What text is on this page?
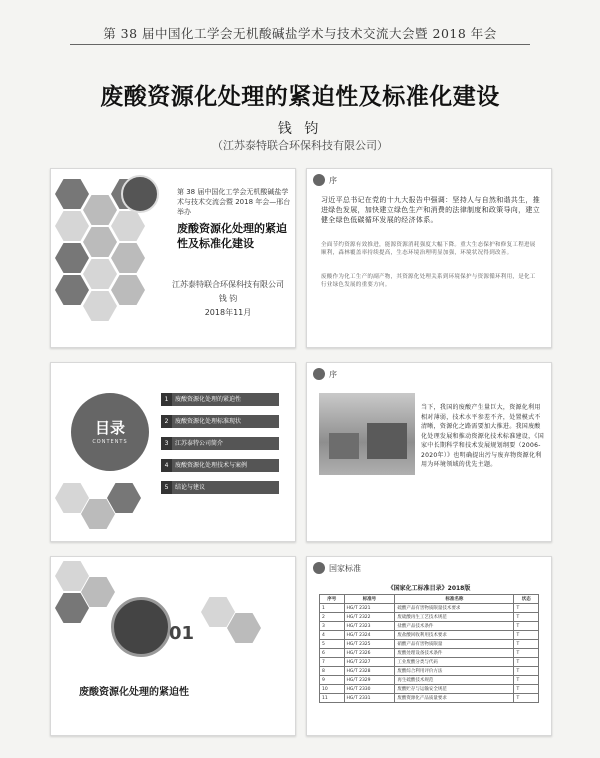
第 38 届中国化工学会无机酸碱盐学术与技术交流大会暨 2018 年会
废酸资源化处理的紧迫性及标准化建设
钱 钧
（江苏泰特联合环保科技有限公司）
第 38 届中国化工学会无机酸碱盐学术与技术交流会暨 2018 年会—邢台举办
废酸资源化处理的紧迫性及标准化建设
江苏泰特联合环保科技有限公司
钱 钧
2018年11月
序
习近平总书记在党的十九大报告中强调：坚持人与自然和谐共生，推进绿色发展，加快建立绿色生产和消费的法律制度和政策导向，建立健全绿色低碳循环发展的经济体系。
全面节约资源有效推进，能源资源消耗强度大幅下降。重大生态保护和修复工程进展顺利，森林覆盖率持续提高，生态环境治理明显加强，环境状况得到改善。
废酸作为化工生产的副产物，其资源化处理关系到环境保护与资源循环利用，是化工行业绿色发展的重要方向。
目录
CONTENTS
1	废酸资源化处理的紧迫性
2	废酸资源化处理标准现状
3	江苏泰特公司简介
4	废酸资源化处理技术与案例
5	结论与建议
序
当下，我国的废酸产生量巨大，资源化利用相对薄弱，技术水平参差不齐，处置模式不清晰，资源化之路需要加大推进。我国废酸化处理发展和推动资源化技术标准建设，《国家中长期科学和技术发展规划纲要（2006-2020年）》也明确提出污与废弃物资源化利用为环境领域的优先主题。
01
废酸资源化处理的紧迫性
国家标准
《国家化工标准目录》2018版
序号	标准号	标准名称	状态
1	HG/T 2321	硫酸产品有害物质限量技术要求	T
2	HG/T 2322	废硫酸再生工艺技术规范	T
3	HG/T 2323	盐酸产品技术条件	T
4	HG/T 2324	废盐酸回收利用技术要求	T
5	HG/T 2325	硝酸产品有害物质限量	T
6	HG/T 2326	废酸处理设备技术条件	T
7	HG/T 2327	工业废酸分类与代码	T
8	HG/T 2328	废酸综合利用评价方法	T
9	HG/T 2329	再生硫酸技术规范	T
10	HG/T 2330	废酸贮存与运输安全规范	T
11	HG/T 2331	废酸资源化产品质量要求	T
